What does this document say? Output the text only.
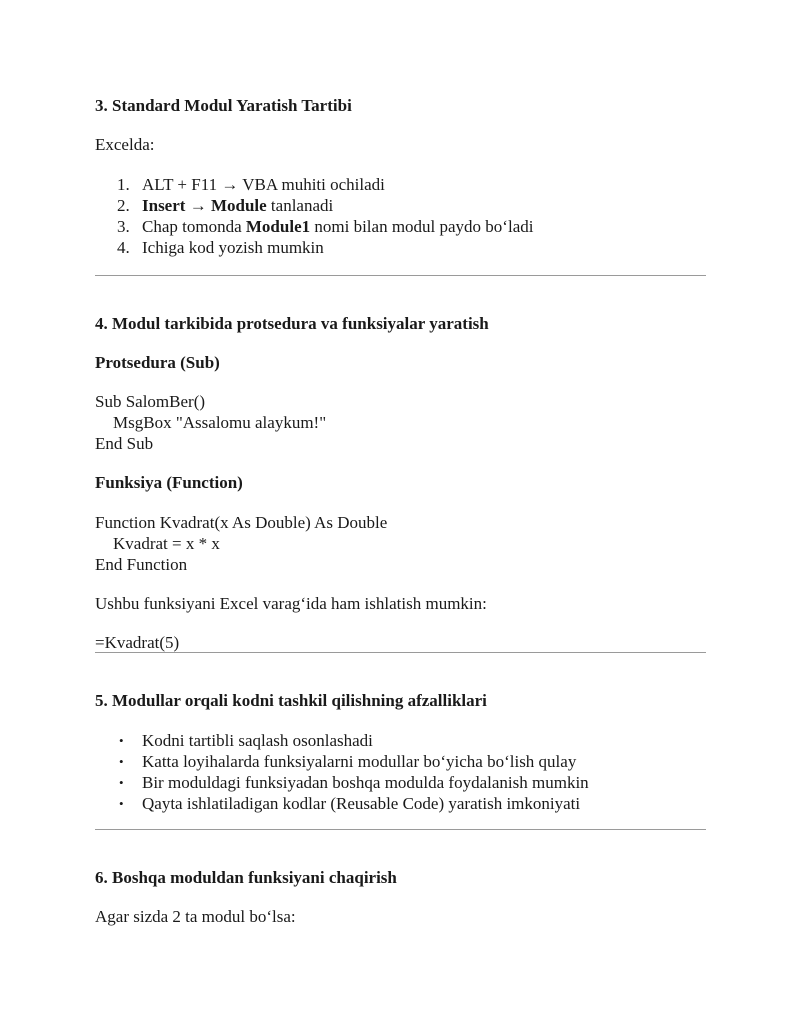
3. Standard Modul Yaratish Tartibi

Excelda:

1. ALT + F11 → VBA muhiti ochiladi
2. Insert → Module tanlanadi
3. Chap tomonda Module1 nomi bilan modul paydo bo‘ladi
4. Ichiga kod yozish mumkin
4. Modul tarkibida protsedura va funksiyalar yaratish
Protsedura (Sub)
Sub SalomBer()
MsgBox "Assalomu alaykum!"
End Sub
Funksiya (Function)
Function Kvadrat(x As Double) As Double
Kvadrat = x * x
End Function

Ushbu funksiyani Excel varag‘ida ham ishlatish mumkin:

=Kvadrat(5)

5. Modullar orqali kodni tashkil qilishning afzalliklari
• Kodni tartibli saqlash osonlashadi
• Katta loyihalarda funksiyalarni modullar bo‘yicha bo‘lish qulay
• Bir moduldagi funksiyadan boshqa modulda foydalanish mumkin
• Qayta ishlatiladigan kodlar (Reusable Code) yaratish imkoniyati
6. Boshqa moduldan funksiyani chaqirish

Agar sizda 2 ta modul bo‘lsa:
